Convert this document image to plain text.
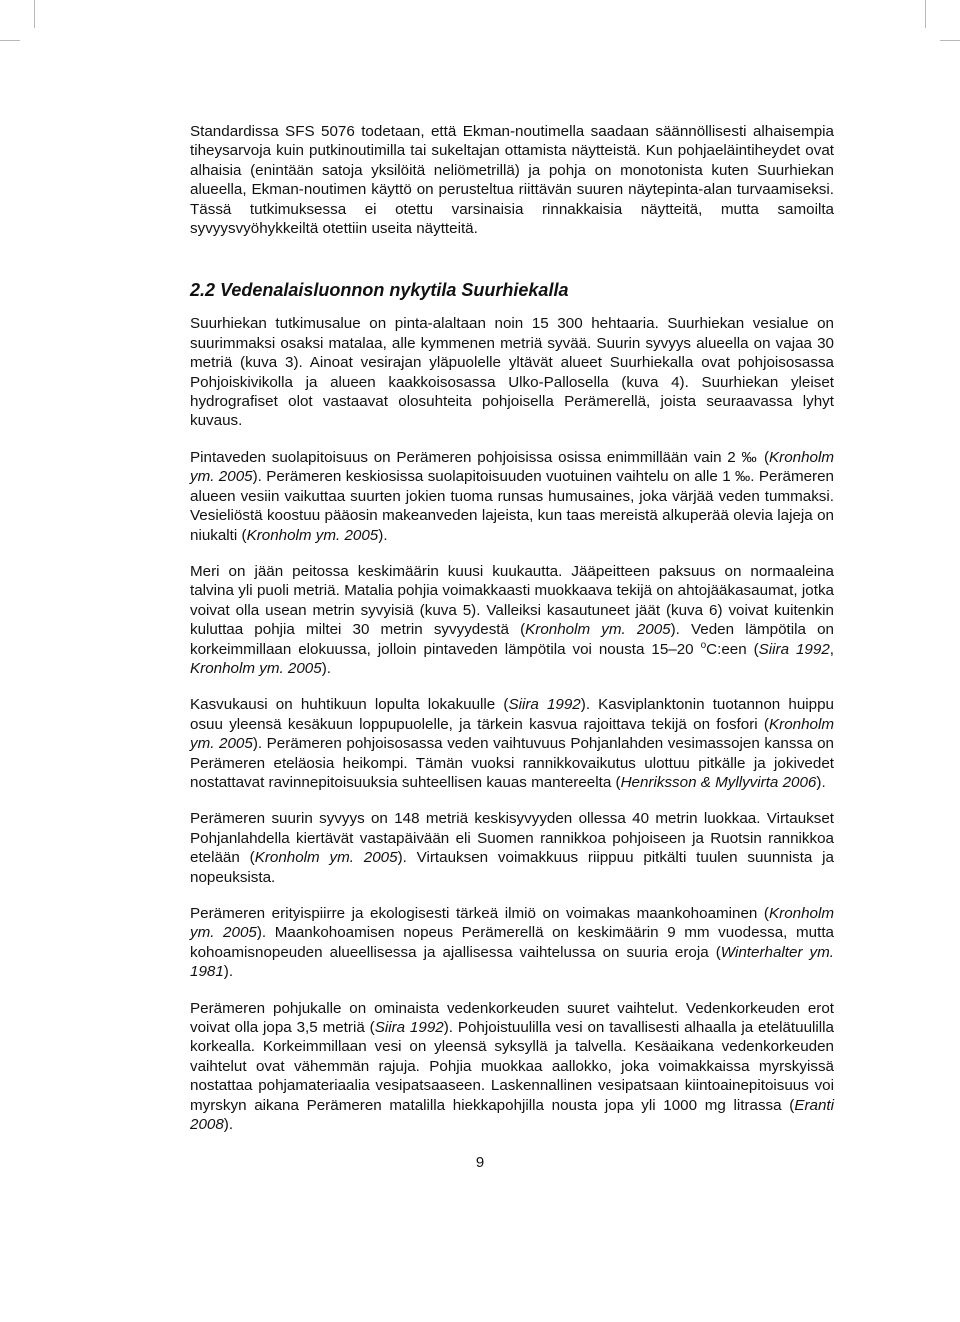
Standardissa SFS 5076 todetaan, että Ekman-noutimella saadaan säännöllisesti alhaisempia tiheysarvoja kuin putkinoutimilla tai sukeltajan ottamista näytteistä. Kun pohjaeläintiheydet ovat alhaisia (enintään satoja yksilöitä neliömetrillä) ja pohja on monotonista kuten Suurhiekan alueella, Ekman-noutimen käyttö on perusteltua riittävän suuren näytepinta-alan turvaamiseksi. Tässä tutkimuksessa ei otettu varsinaisia rinnakkaisia näytteitä, mutta samoilta syvyysvyöhykkeiltä otettiin useita näytteitä.

2.2 Vedenalaisluonnon nykytila Suurhiekalla

Suurhiekan tutkimusalue on pinta-alaltaan noin 15 300 hehtaaria. Suurhiekan vesialue on suurimmaksi osaksi matalaa, alle kymmenen metriä syvää. Suurin syvyys alueella on vajaa 30 metriä (kuva 3). Ainoat vesirajan yläpuolelle yltävät alueet Suurhiekalla ovat pohjoisosassa Pohjoiskivikolla ja alueen kaakkoisosassa Ulko-Pallosella (kuva 4). Suurhiekan yleiset hydrografiset olot vastaavat olosuhteita pohjoisella Perämerellä, joista seuraavassa lyhyt kuvaus.

Pintaveden suolapitoisuus on Perämeren pohjoisissa osissa enimmillään vain 2 ‰ (Kronholm ym. 2005). Perämeren keskiosissa suolapitoisuuden vuotuinen vaihtelu on alle 1 ‰. Perämeren alueen vesiin vaikuttaa suurten jokien tuoma runsas humusaines, joka värjää veden tummaksi. Vesieliöstä koostuu pääosin makeanveden lajeista, kun taas mereistä alkuperää olevia lajeja on niukalti (Kronholm ym. 2005).

Meri on jään peitossa keskimäärin kuusi kuukautta. Jääpeitteen paksuus on normaaleina talvina yli puoli metriä. Matalia pohjia voimakkaasti muokkaava tekijä on ahtojääkasaumat, jotka voivat olla usean metrin syvyisiä (kuva 5). Valleiksi kasautuneet jäät (kuva 6) voivat kuitenkin kuluttaa pohjia miltei 30 metrin syvyydestä (Kronholm ym. 2005). Veden lämpötila on korkeimmillaan elokuussa, jolloin pintaveden lämpötila voi nousta 15–20 $^o$C:een (Siira 1992, Kronholm ym. 2005).

Kasvukausi on huhtikuun lopulta lokakuulle (Siira 1992). Kasviplanktonin tuotannon huippu osuu yleensä kesäkuun loppupuolelle, ja tärkein kasvua rajoittava tekijä on fosfori (Kronholm ym. 2005). Perämeren pohjoisosassa veden vaihtuvuus Pohjanlahden vesimassojen kanssa on Perämeren eteläosia heikompi. Tämän vuoksi rannikkovaikutus ulottuu pitkälle ja jokivedet nostattavat ravinnepitoisuuksia suhteellisen kauas mantereelta (Henriksson & Myllyvirta 2006).

Perämeren suurin syvyys on 148 metriä keskisyvyyden ollessa 40 metrin luokkaa. Virtaukset Pohjanlahdella kiertävät vastapäivään eli Suomen rannikkoa pohjoiseen ja Ruotsin rannikkoa etelään (Kronholm ym. 2005). Virtauksen voimakkuus riippuu pitkälti tuulen suunnista ja nopeuksista.

Perämeren erityispiirre ja ekologisesti tärkeä ilmiö on voimakas maankohoaminen (Kronholm ym. 2005). Maankohoamisen nopeus Perämerellä on keskimäärin 9 mm vuodessa, mutta kohoamisnopeuden alueellisessa ja ajallisessa vaihtelussa on suuria eroja (Winterhalter ym. 1981).

Perämeren pohjukalle on ominaista vedenkorkeuden suuret vaihtelut. Vedenkorkeuden erot voivat olla jopa 3,5 metriä (Siira 1992). Pohjoistuulilla vesi on tavallisesti alhaalla ja etelätuulilla korkealla. Korkeimmillaan vesi on yleensä syksyllä ja talvella. Kesäaikana vedenkorkeuden vaihtelut ovat vähemmän rajuja. Pohjia muokkaa aallokko, joka voimakkaissa myrskyissä nostattaa pohjamateriaalia vesipatsaaseen. Laskennallinen vesipatsaan kiintoainepitoisuus voi myrskyn aikana Perämeren matalilla hiekkapohjilla nousta jopa yli 1000 mg litrassa (Eranti 2008).

9
